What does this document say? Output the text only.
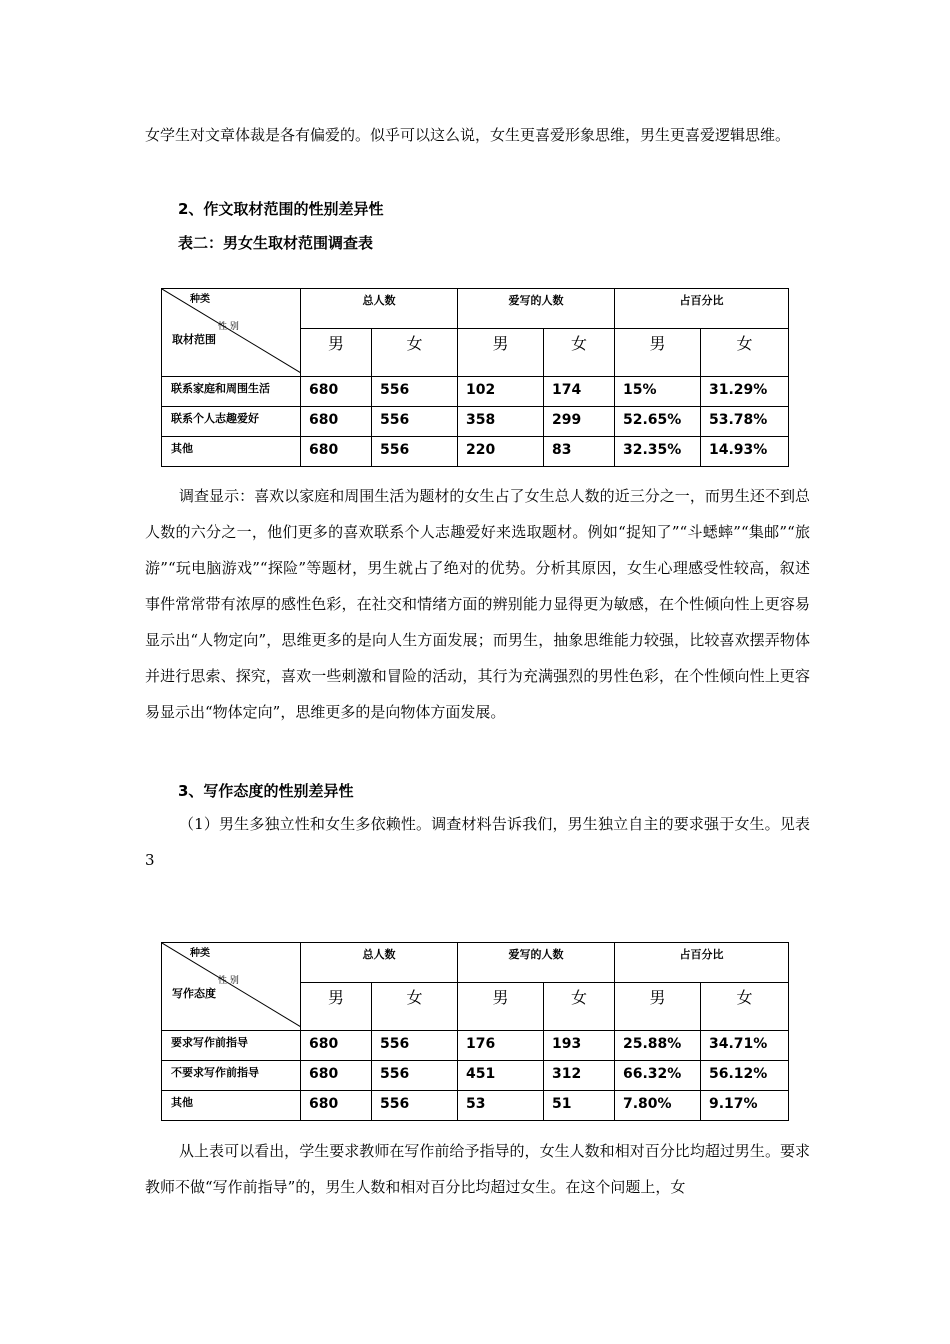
女学生对文章体裁是各有偏爱的。似乎可以这么说，女生更喜爱形象思维，男生更喜爱逻辑思维。

2、作文取材范围的性别差异性

表二：男女生取材范围调查表

种类
性 别
取材范围	总人数		爱写的人数		占百分比	
	男	女	男	女	男	女
联系家庭和周围生活	680	556	102	174	15%	31.29%
联系个人志趣爱好	680	556	358	299	52.65%	53.78%
其他	680	556	220	83	32.35%	14.93%

调查显示：喜欢以家庭和周围生活为题材的女生占了女生总人数的近三分之一，而男生还不到总人数的六分之一，他们更多的喜欢联系个人志趣爱好来选取题材。例如“捉知了”“斗蟋蟀”“集邮”“旅游”“玩电脑游戏”“探险”等题材，男生就占了绝对的优势。分析其原因，女生心理感受性较高，叙述事件常常带有浓厚的感性色彩，在社交和情绪方面的辨别能力显得更为敏感，在个性倾向性上更容易显示出“人物定向”，思维更多的是向人生方面发展；而男生，抽象思维能力较强，比较喜欢摆弄物体并进行思索、探究，喜欢一些刺激和冒险的活动，其行为充满强烈的男性色彩，在个性倾向性上更容易显示出“物体定向”，思维更多的是向物体方面发展。

3、写作态度的性别差异性

（1）男生多独立性和女生多依赖性。调查材料告诉我们，男生独立自主的要求强于女生。见表 3

种类
性 别
写作态度	总人数		爱写的人数		占百分比	
	男	女	男	女	男	女
要求写作前指导	680	556	176	193	25.88%	34.71%
不要求写作前指导	680	556	451	312	66.32%	56.12%
其他	680	556	53	51	7.80%	9.17%

从上表可以看出，学生要求教师在写作前给予指导的，女生人数和相对百分比均超过男生。要求教师不做“写作前指导”的，男生人数和相对百分比均超过女生。在这个问题上，女
